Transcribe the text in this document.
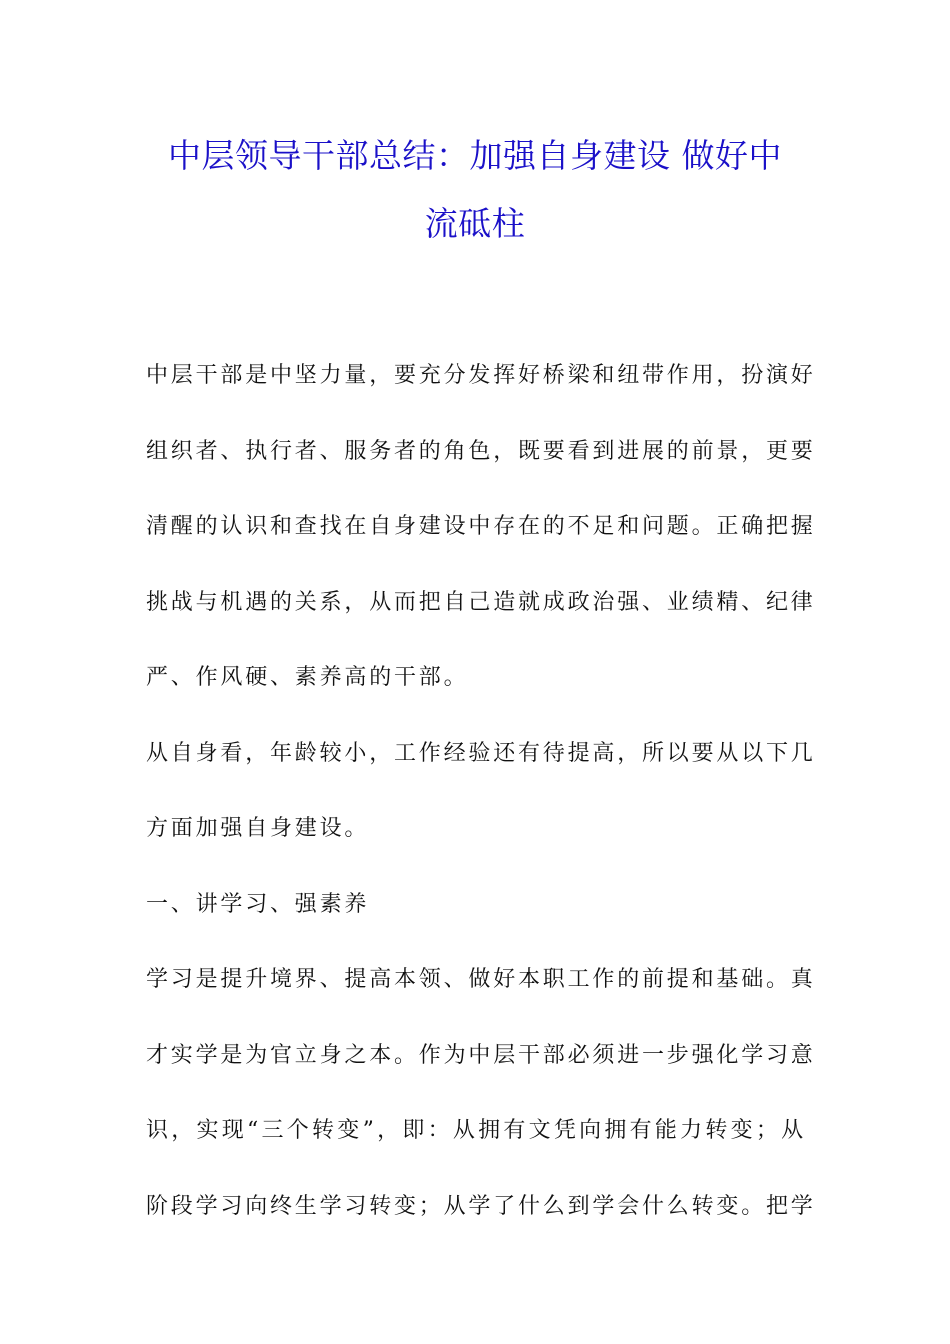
中层领导干部总结：加强自身建设 做好中
流砥柱
中层干部是中坚力量，要充分发挥好桥梁和纽带作用，扮演好
组织者、执行者、服务者的角色，既要看到进展的前景，更要
清醒的认识和查找在自身建设中存在的不足和问题。正确把握
挑战与机遇的关系，从而把自己造就成政治强、业绩精、纪律
严、作风硬、素养高的干部。
从自身看，年龄较小，工作经验还有待提高，所以要从以下几
方面加强自身建设。
一、讲学习、强素养
学习是提升境界、提高本领、做好本职工作的前提和基础。真
才实学是为官立身之本。作为中层干部必须进一步强化学习意
识，实现“三个转变”，即：从拥有文凭向拥有能力转变；从
阶段学习向终生学习转变；从学了什么到学会什么转变。把学
